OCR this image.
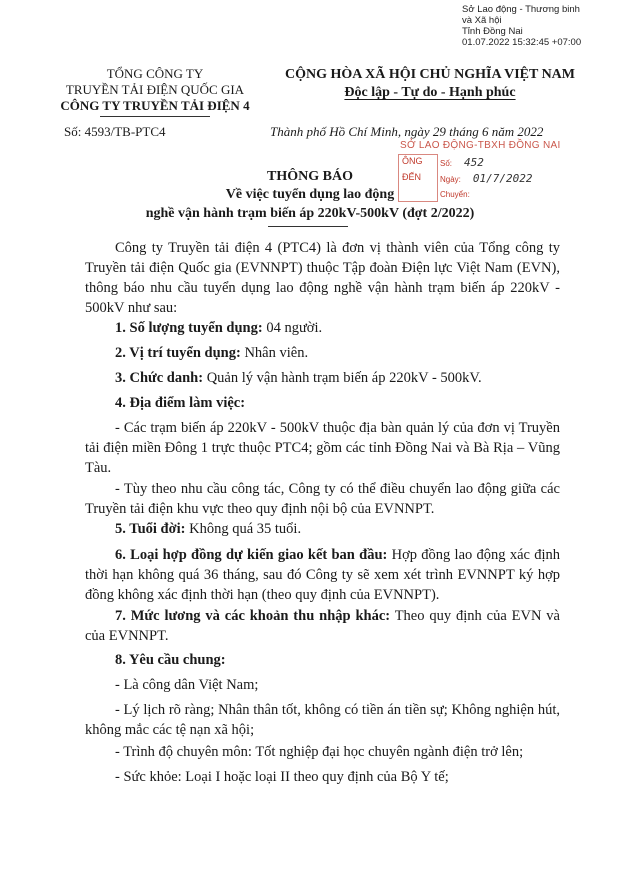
Sở Lao động - Thương binh
và Xã hội
Tỉnh Đồng Nai
01.07.2022 15:32:45 +07:00
TỔNG CÔNG TY
TRUYỀN TẢI ĐIỆN QUỐC GIA
CÔNG TY TRUYỀN TẢI ĐIỆN 4
Số: 4593/TB-PTC4
CỘNG HÒA XÃ HỘI CHỦ NGHĨA VIỆT NAM
Độc lập - Tự do - Hạnh phúc
Thành phố Hồ Chí Minh, ngày 29 tháng 6 năm 2022
SỞ LAO ĐỘNG-TBXH ĐỒNG NAI
ÔNG
ĐẾN
Số: 452
Ngày: 01/7/2022
Chuyển:
THÔNG BÁO
Về việc tuyển dụng lao động
nghề vận hành trạm biến áp 220kV-500kV (đợt 2/2022)
Công ty Truyền tải điện 4 (PTC4) là đơn vị thành viên của Tổng công ty Truyền tải điện Quốc gia (EVNNPT) thuộc Tập đoàn Điện lực Việt Nam (EVN), thông báo nhu cầu tuyển dụng lao động nghề vận hành trạm biến áp 220kV - 500kV như sau:
1. Số lượng tuyển dụng: 04 người.
2. Vị trí tuyển dụng: Nhân viên.
3. Chức danh: Quản lý vận hành trạm biến áp 220kV - 500kV.
4. Địa điểm làm việc:
- Các trạm biến áp 220kV - 500kV thuộc địa bàn quản lý của đơn vị Truyền tải điện miền Đông 1 trực thuộc PTC4; gồm các tỉnh Đồng Nai và Bà Rịa – Vũng Tàu.
- Tùy theo nhu cầu công tác, Công ty có thể điều chuyển lao động giữa các Truyền tải điện khu vực theo quy định nội bộ của EVNNPT.
5. Tuổi đời: Không quá 35 tuổi.
6. Loại hợp đồng dự kiến giao kết ban đầu: Hợp đồng lao động xác định thời hạn không quá 36 tháng, sau đó Công ty sẽ xem xét trình EVNNPT ký hợp đồng không xác định thời hạn (theo quy định của EVNNPT).
7. Mức lương và các khoản thu nhập khác: Theo quy định của EVN và của EVNNPT.
8. Yêu cầu chung:
- Là công dân Việt Nam;
- Lý lịch rõ ràng; Nhân thân tốt, không có tiền án tiền sự; Không nghiện hút, không mắc các tệ nạn xã hội;
- Trình độ chuyên môn: Tốt nghiệp đại học chuyên ngành điện trở lên;
- Sức khỏe: Loại I hoặc loại II theo quy định của Bộ Y tế;
